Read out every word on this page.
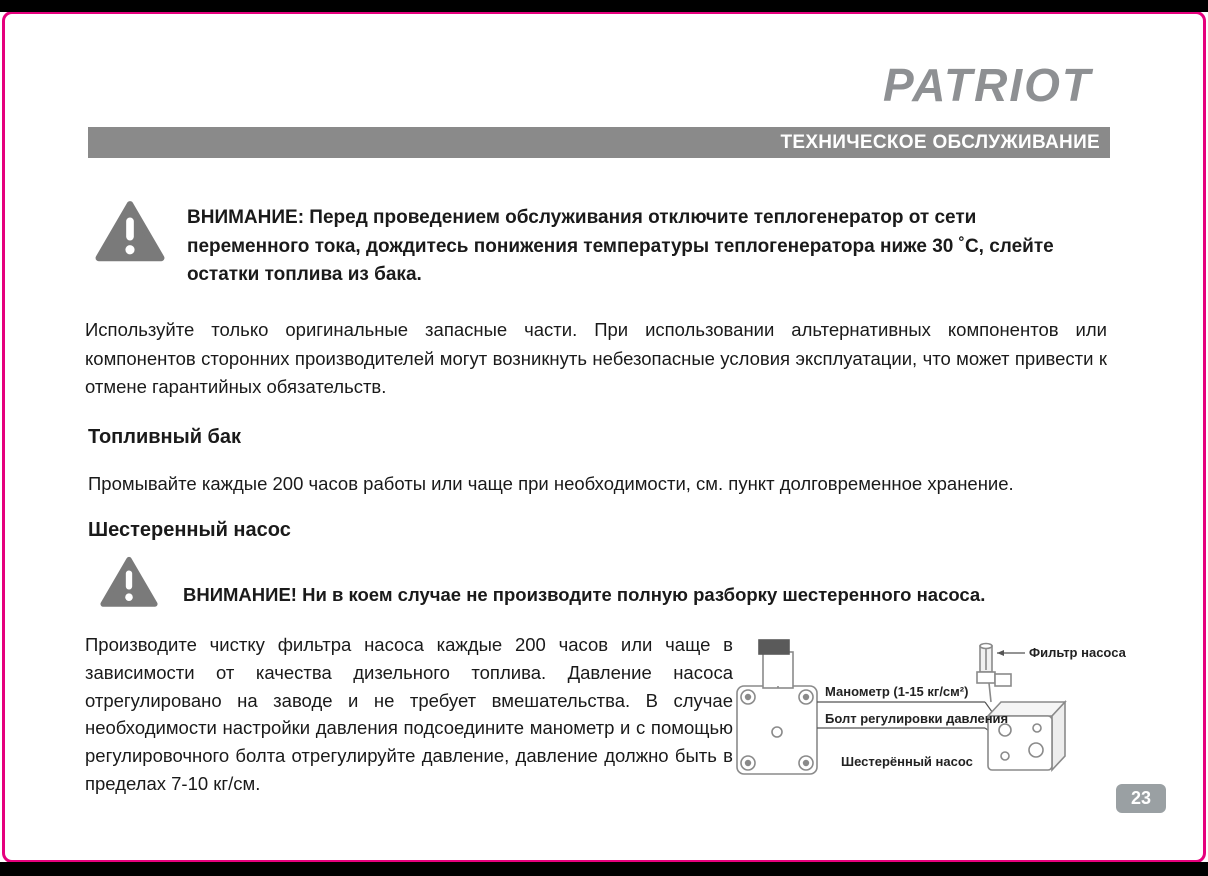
PATRIOT
ТЕХНИЧЕСКОЕ ОБСЛУЖИВАНИЕ
ВНИМАНИЕ: Перед проведением обслуживания отключите теплогенератор от сети переменного тока, дождитесь понижения температуры теплогенератора ниже 30 ˚С, слейте остатки топлива из бака.
Используйте только оригинальные запасные части. При использовании альтернативных компонентов или компонентов сторонних производителей могут возникнуть небезопасные условия эксплуатации, что может привести к отмене гарантийных обязательств.
Топливный бак
Промывайте каждые 200 часов работы или чаще при необходимости, см. пункт долговременное хранение.
Шестеренный насос
ВНИМАНИЕ! Ни в коем случае не производите полную разборку шестеренного насоса.
Производите чистку фильтра насоса каждые 200 часов или чаще в зависимости от качества дизельного топлива. Давление насоса отрегулировано на заводе и не требует вмешательства. В случае необходимости настройки давления подсоедините манометр и с помощью регулировочного болта отрегулируйте давление, давление должно быть в пределах 7-10 кг/см.
Манометр (1-15 кг/см²)
Болт регулировки давления
Шестерённый насос
Фильтр насоса
23
